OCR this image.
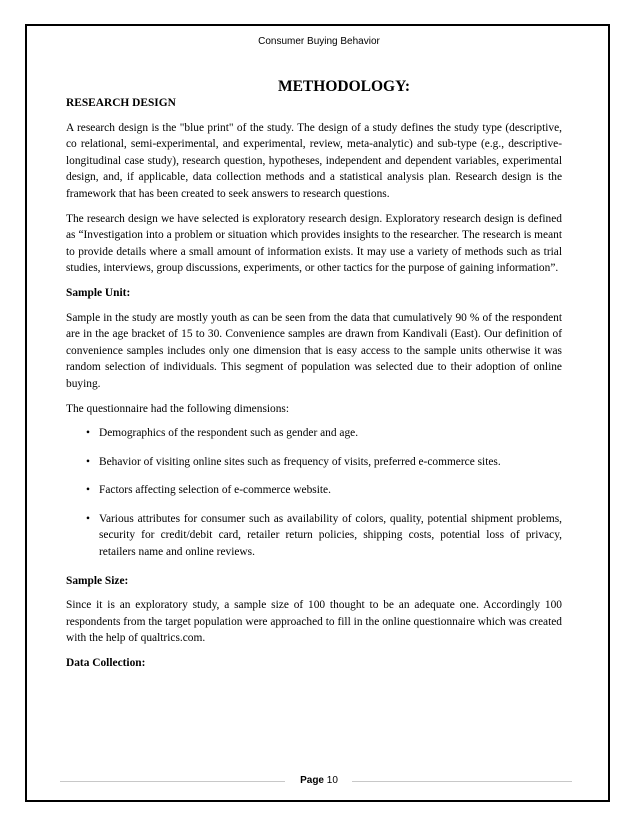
Consumer Buying Behavior
METHODOLOGY:
RESEARCH DESIGN

A research design is the "blue print" of the study. The design of a study defines the study type (descriptive, co relational, semi-experimental, and experimental, review, meta-analytic) and sub-type (e.g., descriptive-longitudinal case study), research question, hypotheses, independent and dependent variables, experimental design, and, if applicable, data collection methods and a statistical analysis plan. Research design is the framework that has been created to seek answers to research questions.

The research design we have selected is exploratory research design. Exploratory research design is defined as “Investigation into a problem or situation which provides insights to the researcher. The research is meant to provide details where a small amount of information exists. It may use a variety of methods such as trial studies, interviews, group discussions, experiments, or other tactics for the purpose of gaining information”.

Sample Unit:

Sample in the study are mostly youth as can be seen from the data that cumulatively 90 % of the respondent are in the age bracket of 15 to 30. Convenience samples are drawn from Kandivali (East). Our definition of convenience samples includes only one dimension that is easy access to the sample units otherwise it was random selection of individuals. This segment of population was selected due to their adoption of online buying.

The questionnaire had the following dimensions:

• Demographics of the respondent such as gender and age.
• Behavior of visiting online sites such as frequency of visits, preferred e-commerce sites.
• Factors affecting selection of e-commerce website.
• Various attributes for consumer such as availability of colors, quality, potential shipment problems, security for credit/debit card, retailer return policies, shipping costs, potential loss of privacy, retailers name and online reviews.
Sample Size:

Since it is an exploratory study, a sample size of 100 thought to be an adequate one. Accordingly 100 respondents from the target population were approached to fill in the online questionnaire which was created with the help of qualtrics.com.

Data Collection:
Page 10
